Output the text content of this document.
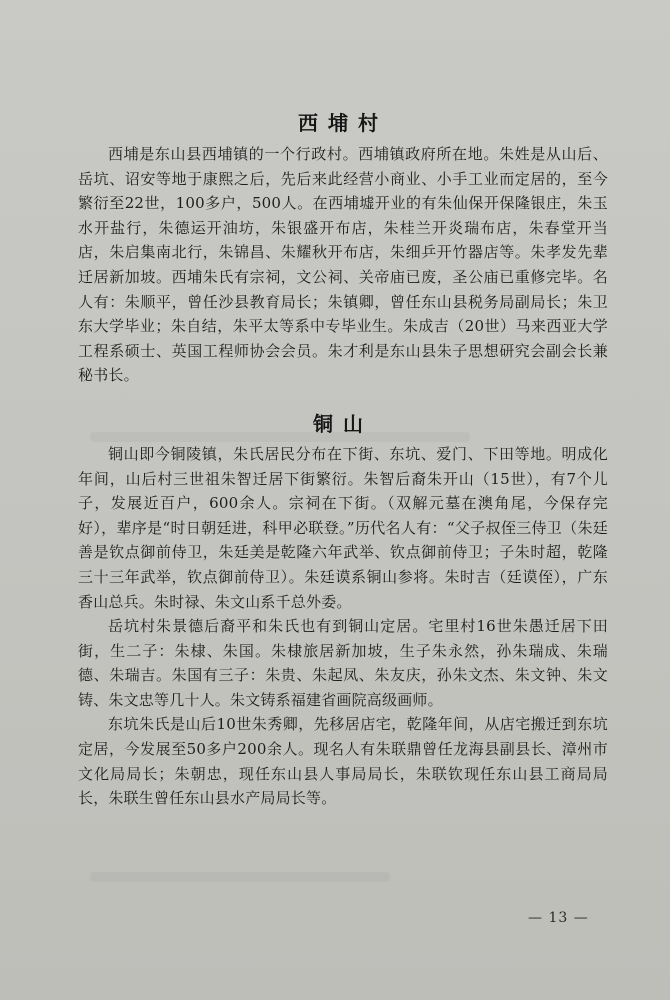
西埔村

西埔是东山县西埔镇的一个行政村。西埔镇政府所在地。朱姓是从山后、岳坑、诏安等地于康熙之后，先后来此经营小商业、小手工业而定居的，至今繁衍至22世，100多户，500人。在西埔墟开业的有朱仙保开保隆银庄，朱玉水开盐行，朱德运开油坊，朱银盛开布店，朱桂兰开炎瑞布店，朱春堂开当店，朱启集南北行，朱锦昌、朱耀秋开布店，朱细乒开竹器店等。朱孝发先辈迁居新加坡。西埔朱氏有宗祠，文公祠、关帝庙已废，圣公庙已重修完毕。名人有：朱顺平，曾任沙县教育局长；朱镇卿，曾任东山县税务局副局长；朱卫东大学毕业；朱自结，朱平太等系中专毕业生。朱成吉（20世）马来西亚大学工程系硕士、英国工程师协会会员。朱才利是东山县朱子思想研究会副会长兼秘书长。

铜山

铜山即今铜陵镇，朱氏居民分布在下街、东坑、爱门、下田等地。明成化年间，山后村三世祖朱智迁居下街繁衍。朱智后裔朱开山（15世），有7个儿子，发展近百户，600余人。宗祠在下街。（双解元墓在澳角尾，今保存完好），辈序是“时日朝廷进，科甲必联登。”历代名人有：“父子叔侄三侍卫（朱廷善是钦点御前侍卫，朱廷美是乾隆六年武举、钦点御前侍卫；子朱时超，乾隆三十三年武举，钦点御前侍卫）。朱廷谟系铜山参将。朱时吉（廷谟侄），广东香山总兵。朱时禄、朱文山系千总外委。

岳坑村朱景德后裔平和朱氏也有到铜山定居。宅里村16世朱愚迁居下田街，生二子：朱棣、朱国。朱棣旅居新加坡，生子朱永然，孙朱瑞成、朱瑞德、朱瑞吉。朱国有三子：朱贵、朱起凤、朱友庆，孙朱文杰、朱文钟、朱文铸、朱文忠等几十人。朱文铸系福建省画院高级画师。

东坑朱氏是山后10世朱秀卿，先移居店宅，乾隆年间，从店宅搬迁到东坑定居，今发展至50多户200余人。现名人有朱联鼎曾任龙海县副县长、漳州市文化局局长；朱朝忠，现任东山县人事局局长，朱联钦现任东山县工商局局长，朱联生曾任东山县水产局局长等。

— 13 —
